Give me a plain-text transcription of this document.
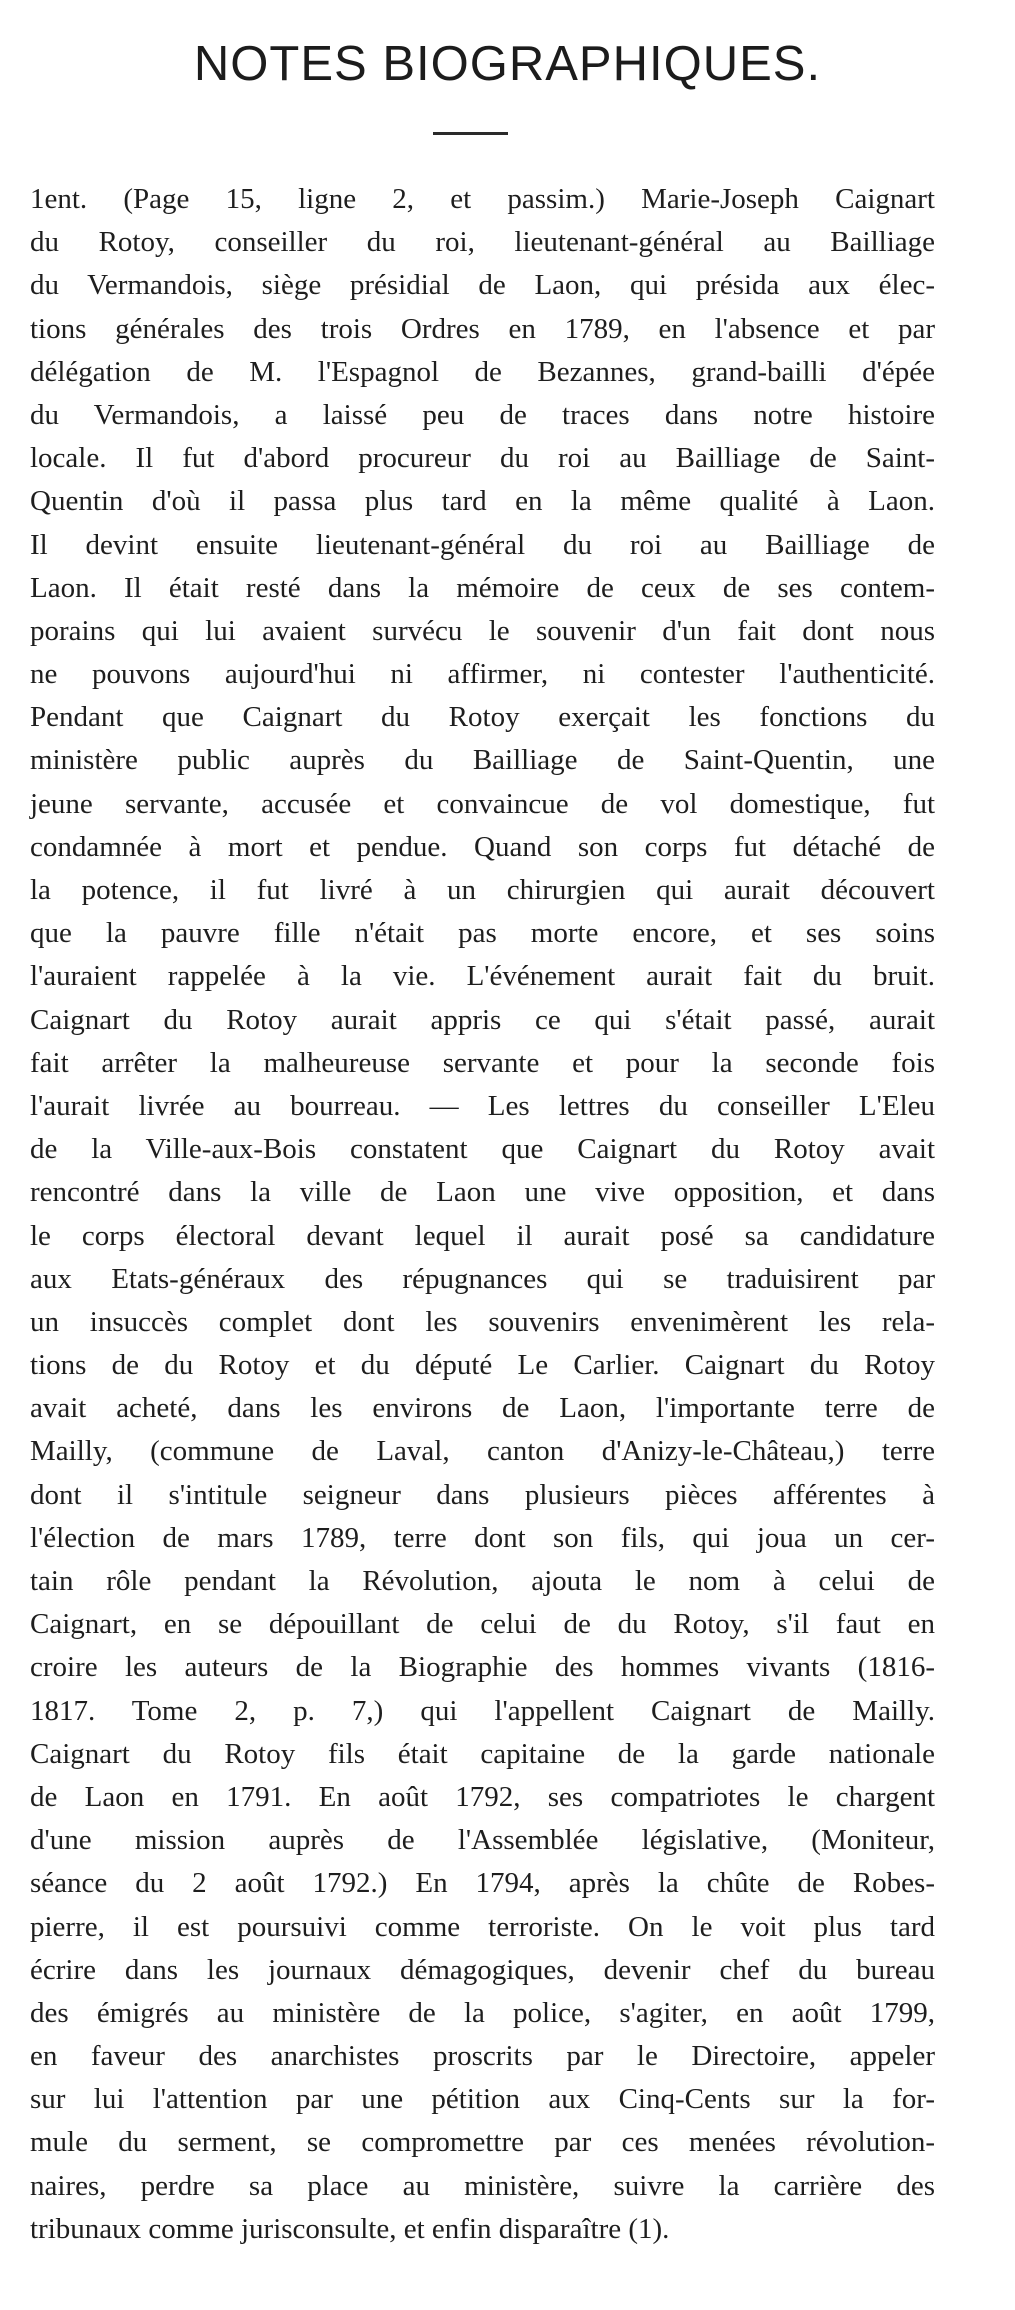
NOTES BIOGRAPHIQUES.
1ent. (Page 15, ligne 2, et passim.) Marie-Joseph Caignart
du Rotoy, conseiller du roi, lieutenant-général au Bailliage
du Vermandois, siège présidial de Laon, qui présida aux élec-
tions générales des trois Ordres en 1789, en l'absence et par
délégation de M. l'Espagnol de Bezannes, grand-bailli d'épée
du Vermandois, a laissé peu de traces dans notre histoire
locale. Il fut d'abord procureur du roi au Bailliage de Saint-
Quentin d'où il passa plus tard en la même qualité à Laon.
Il devint ensuite lieutenant-général du roi au Bailliage de
Laon. Il était resté dans la mémoire de ceux de ses contem-
porains qui lui avaient survécu le souvenir d'un fait dont nous
ne pouvons aujourd'hui ni affirmer, ni contester l'authenticité.
Pendant que Caignart du Rotoy exerçait les fonctions du
ministère public auprès du Bailliage de Saint-Quentin, une
jeune servante, accusée et convaincue de vol domestique, fut
condamnée à mort et pendue. Quand son corps fut détaché de
la potence, il fut livré à un chirurgien qui aurait découvert
que la pauvre fille n'était pas morte encore, et ses soins
l'auraient rappelée à la vie. L'événement aurait fait du bruit.
Caignart du Rotoy aurait appris ce qui s'était passé, aurait
fait arrêter la malheureuse servante et pour la seconde fois
l'aurait livrée au bourreau. — Les lettres du conseiller L'Eleu
de la Ville-aux-Bois constatent que Caignart du Rotoy avait
rencontré dans la ville de Laon une vive opposition, et dans
le corps électoral devant lequel il aurait posé sa candidature
aux Etats-généraux des répugnances qui se traduisirent par
un insuccès complet dont les souvenirs envenimèrent les rela-
tions de du Rotoy et du député Le Carlier. Caignart du Rotoy
avait acheté, dans les environs de Laon, l'importante terre de
Mailly, (commune de Laval, canton d'Anizy-le-Château,) terre
dont il s'intitule seigneur dans plusieurs pièces afférentes à
l'élection de mars 1789, terre dont son fils, qui joua un cer-
tain rôle pendant la Révolution, ajouta le nom à celui de
Caignart, en se dépouillant de celui de du Rotoy, s'il faut en
croire les auteurs de la Biographie des hommes vivants (1816-
1817. Tome 2, p. 7,) qui l'appellent Caignart de Mailly.
Caignart du Rotoy fils était capitaine de la garde nationale
de Laon en 1791. En août 1792, ses compatriotes le chargent
d'une mission auprès de l'Assemblée législative, (Moniteur,
séance du 2 août 1792.) En 1794, après la chûte de Robes-
pierre, il est poursuivi comme terroriste. On le voit plus tard
écrire dans les journaux démagogiques, devenir chef du bureau
des émigrés au ministère de la police, s'agiter, en août 1799,
en faveur des anarchistes proscrits par le Directoire, appeler
sur lui l'attention par une pétition aux Cinq-Cents sur la for-
mule du serment, se compromettre par ces menées révolution-
naires, perdre sa place au ministère, suivre la carrière des
tribunaux comme jurisconsulte, et enfin disparaître (1).
